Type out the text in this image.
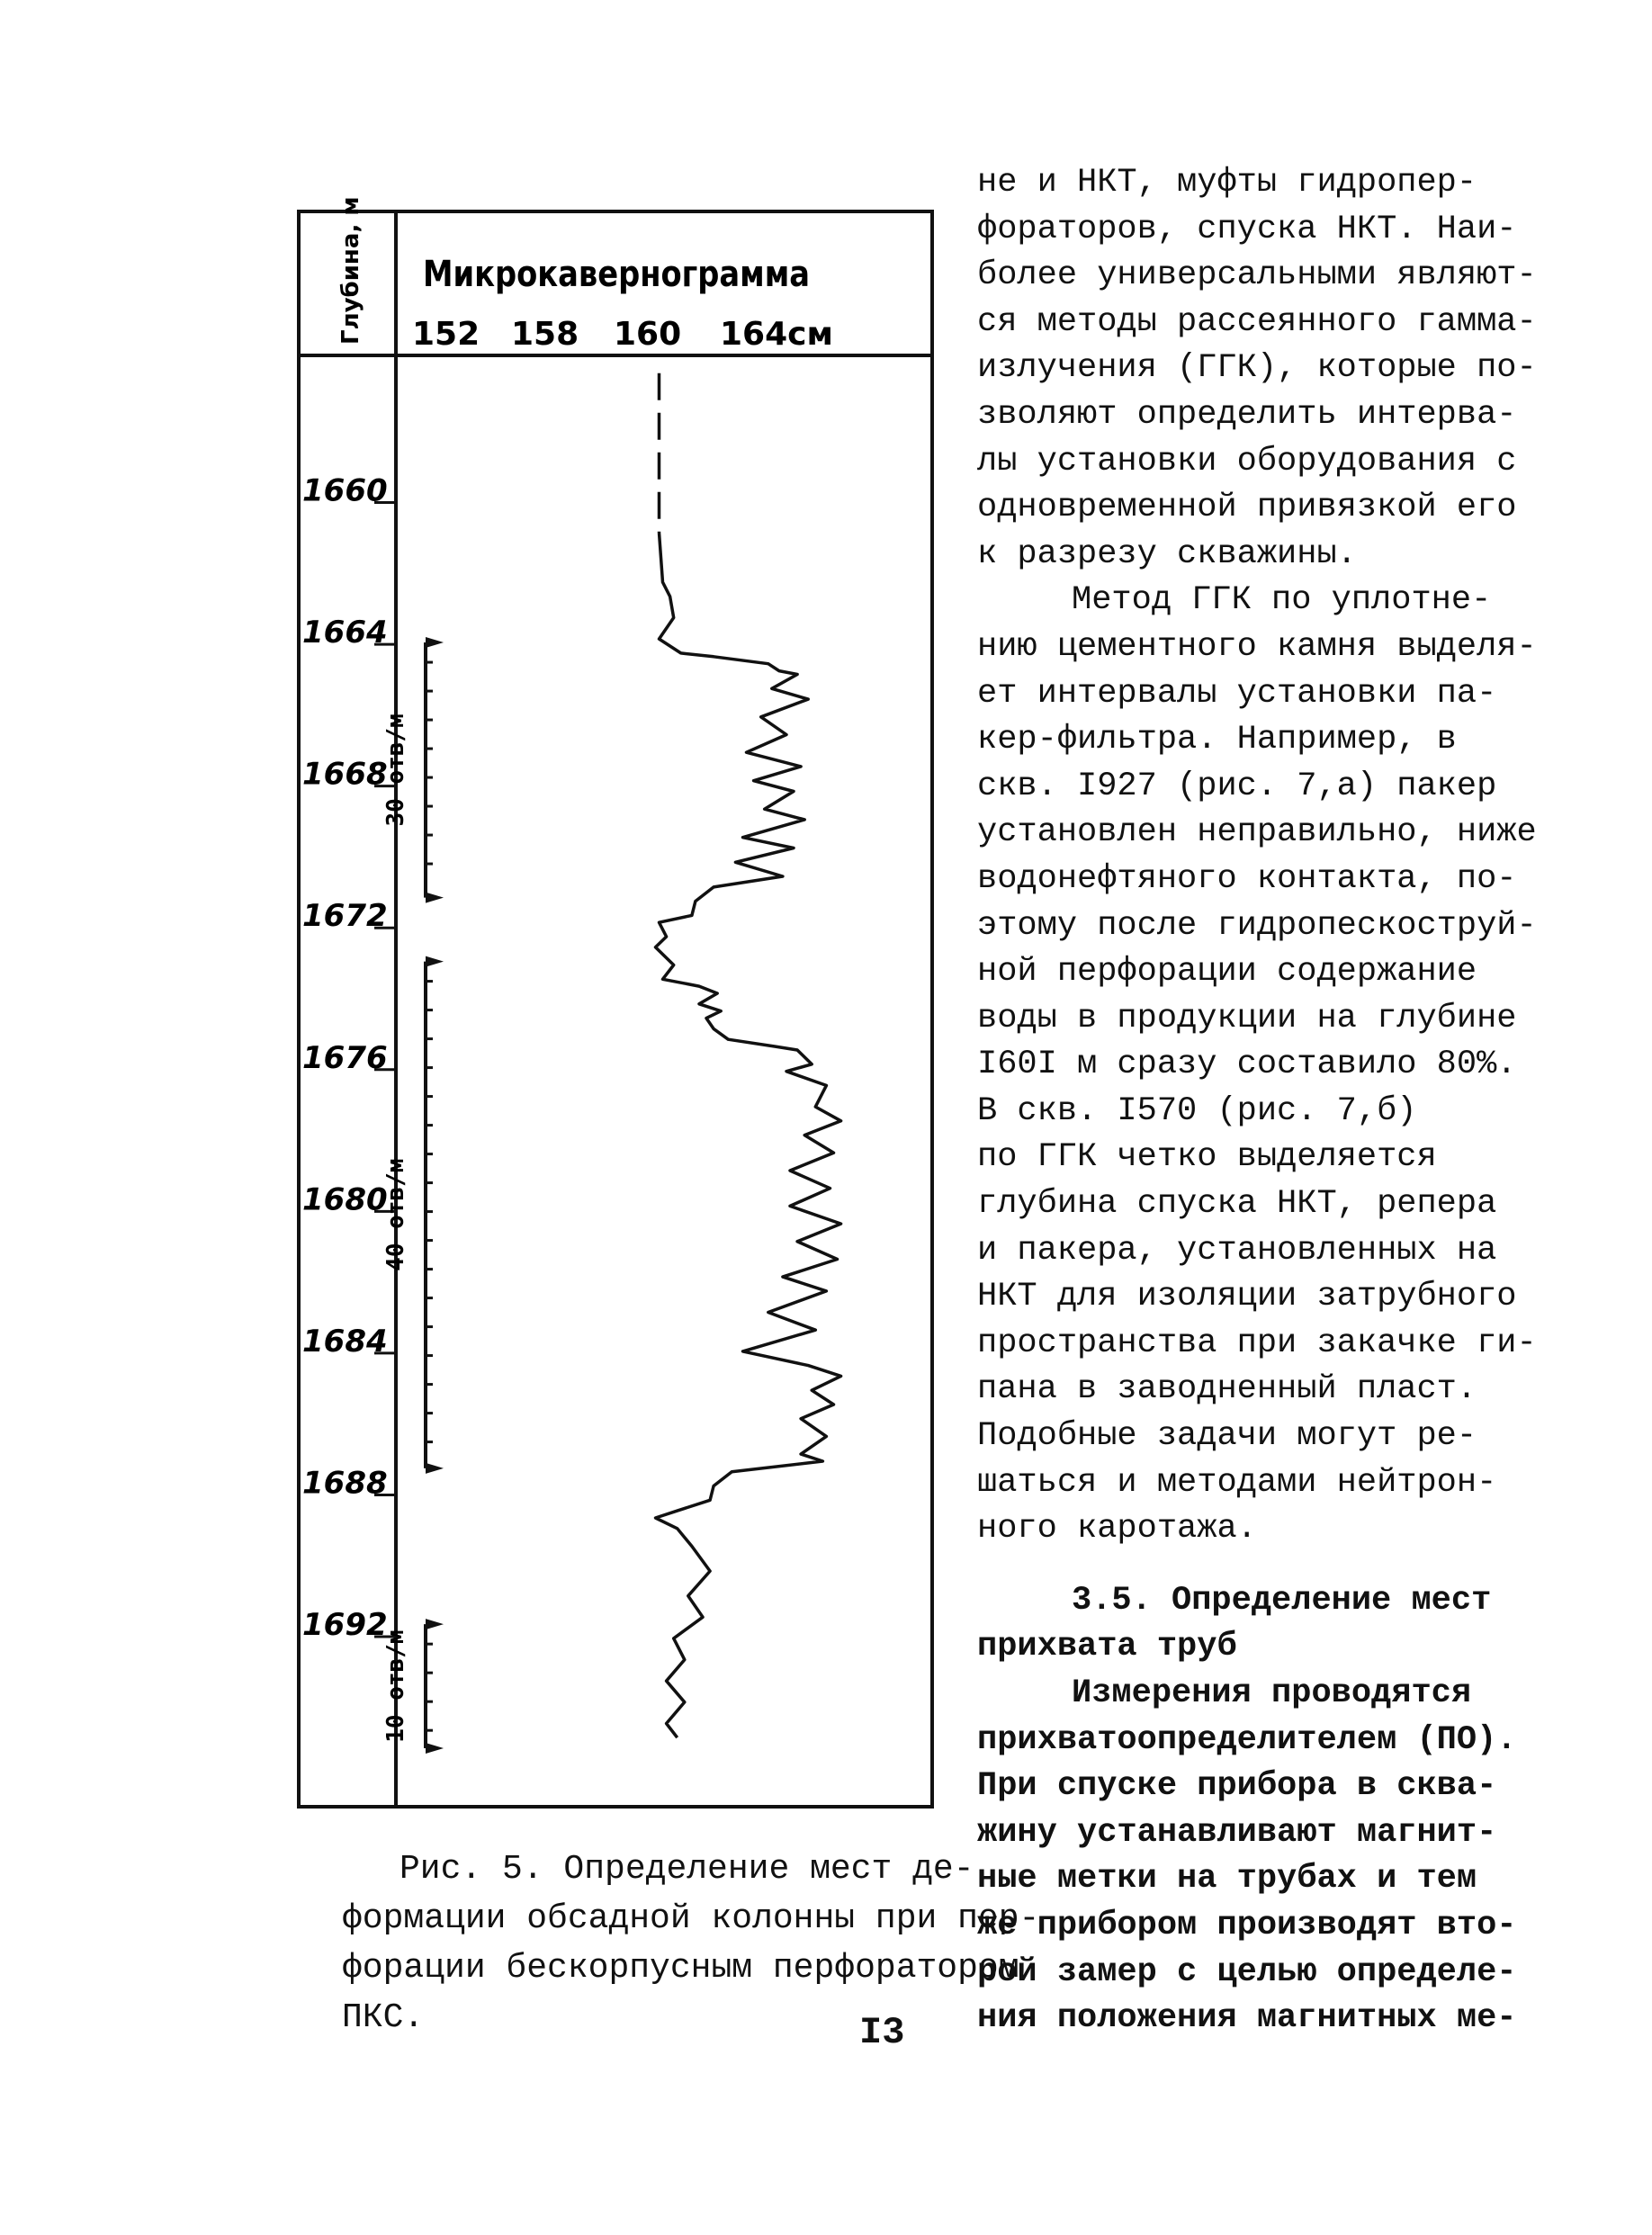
Глубина, м Микрокавернограмма
152 158 160 164см
1660
1664
1668
1672
1676
1680
1684
1688
1692
30 отв/м
40 отв/м
10 отв/м
Рис. 5. Определение мест де-
формации обсадной колонны при пер-
форации бескорпусным перфоратором
ПКС.	I3
не и НКТ, муфты гидропер-
фораторов, спуска НКТ. Наи-
более универсальными являют-
ся методы рассеянного гамма-
излучения (ГГК), которые по-
зволяют определить интерва-
лы установки оборудования с
одновременной привязкой его
к разрезу скважины.
Метод ГГК по уплотне-
нию цементного камня выделя-
ет интервалы установки па-
кер-фильтра. Например, в
скв. I927 (рис. 7,а) пакер
установлен неправильно, ниже
водонефтяного контакта, по-
этому после гидропескоструй-
ной перфорации содержание
воды в продукции на глубине
I60I м сразу составило 80%.
В скв. I570 (рис. 7,б)
по ГГК четко выделяется
глубина спуска НКТ, репера
и пакера, установленных на
НКТ для изоляции затрубного
пространства при закачке ги-
пана в заводненный пласт.
Подобные задачи могут ре-
шаться и методами нейтрон-
ного каротажа.
3.5. Определение мест
прихвата труб
Измерения проводятся
прихватоопределителем (ПО).
При спуске прибора в сква-
жину устанавливают магнит-
ные метки на трубах и тем
же прибором производят вто-
рой замер с целью определе-
ния положения магнитных ме-
